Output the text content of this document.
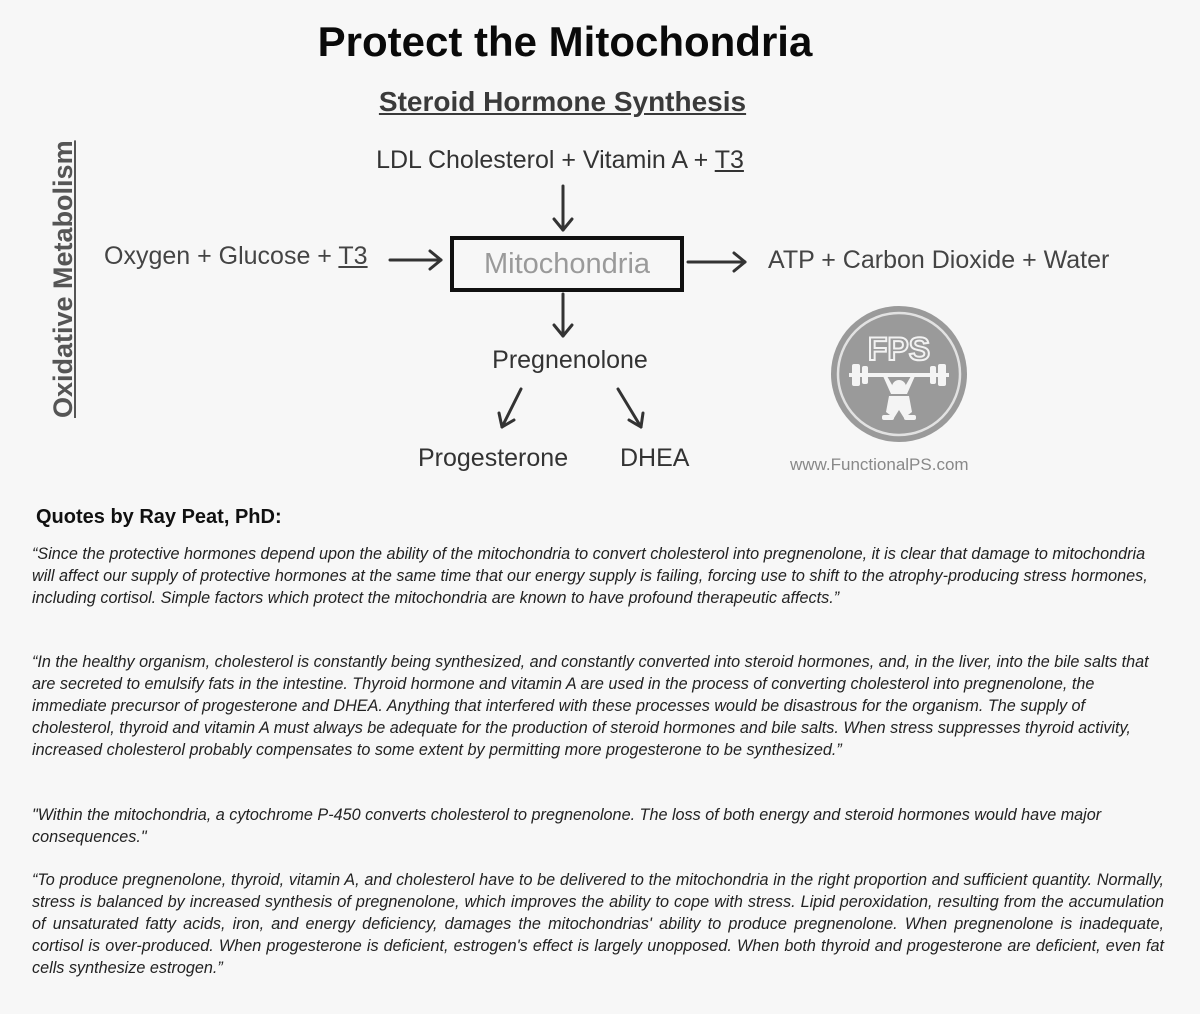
Protect the Mitochondria
Steroid Hormone Synthesis
Oxidative Metabolism	FPS
LDL Cholesterol + Vitamin A + T3
Oxygen + Glucose + T3	Mitochondria	ATP + Carbon Dioxide + Water
Pregnenolone
Progesterone DHEA	www.FunctionalPS.com
Quotes by Ray Peat, PhD:

“Since the protective hormones depend upon the ability of the mitochondria to convert cholesterol into pregnenolone, it is clear that damage to mitochondria will affect our supply of protective hormones at the same time that our energy supply is failing, forcing use to shift to the atrophy-producing stress hormones, including cortisol. Simple factors which protect the mitochondria are known to have profound therapeutic affects.”

“In the healthy organism, cholesterol is constantly being synthesized, and constantly converted into steroid hormones, and, in the liver, into the bile salts that are secreted to emulsify fats in the intestine. Thyroid hormone and vitamin A are used in the process of converting cholesterol into pregnenolone, the immediate precursor of progesterone and DHEA. Anything that interfered with these processes would be disastrous for the organism. The supply of cholesterol, thyroid and vitamin A must always be adequate for the production of steroid hormones and bile salts. When stress suppresses thyroid activity, increased cholesterol probably compensates to some extent by permitting more progesterone to be synthesized.”

"Within the mitochondria, a cytochrome P-450 converts cholesterol to pregnenolone. The loss of both energy and steroid hormones would have major consequences."

“To produce pregnenolone, thyroid, vitamin A, and cholesterol have to be delivered to the mitochondria in the right proportion and sufficient quantity. Normally, stress is balanced by increased synthesis of pregnenolone, which improves the ability to cope with stress. Lipid peroxidation, resulting from the accumulation of unsaturated fatty acids, iron, and energy deficiency, damages the mitochondrias' ability to produce pregnenolone. When pregnenolone is inadequate, cortisol is over-produced. When progesterone is deficient, estrogen's effect is largely unopposed. When both thyroid and progesterone are deficient, even fat cells synthesize estrogen.”
